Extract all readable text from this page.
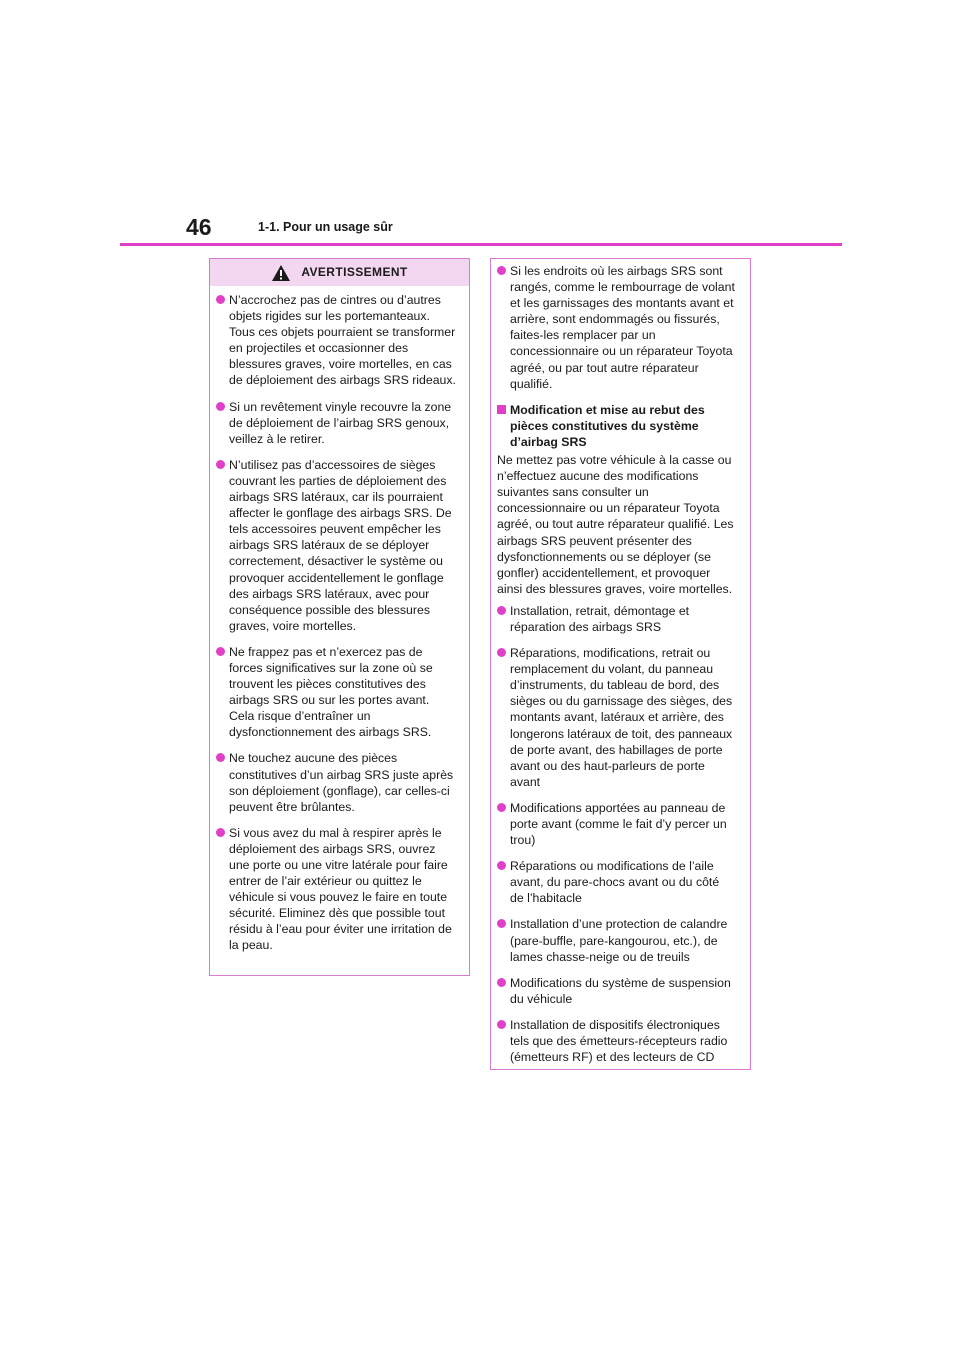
46	1-1. Pour un usage sûr
AVERTISSEMENT
N’accrochez pas de cintres ou d’autres objets rigides sur les portemanteaux. Tous ces objets pourraient se transformer en projectiles et occasionner des blessures graves, voire mortelles, en cas de déploiement des airbags SRS rideaux.
Si un revêtement vinyle recouvre la zone de déploiement de l’airbag SRS genoux, veillez à le retirer.
N’utilisez pas d’accessoires de sièges couvrant les parties de déploiement des airbags SRS latéraux, car ils pourraient affecter le gonflage des airbags SRS. De tels accessoires peuvent empêcher les airbags SRS latéraux de se déployer correctement, désactiver le système ou provoquer accidentellement le gonflage des airbags SRS latéraux, avec pour conséquence possible des blessures graves, voire mortelles.
Ne frappez pas et n’exercez pas de forces significatives sur la zone où se trouvent les pièces constitutives des airbags SRS ou sur les portes avant. Cela risque d’entraîner un dysfonctionnement des airbags SRS.
Ne touchez aucune des pièces constitutives d’un airbag SRS juste après son déploiement (gonflage), car celles-ci peuvent être brûlantes.
Si vous avez du mal à respirer après le déploiement des airbags SRS, ouvrez une porte ou une vitre latérale pour faire entrer de l’air extérieur ou quittez le véhicule si vous pouvez le faire en toute sécurité. Eliminez dès que possible tout résidu à l’eau pour éviter une irritation de la peau.
Si les endroits où les airbags SRS sont rangés, comme le rembourrage de volant et les garnissages des montants avant et arrière, sont endommagés ou fissurés, faites-les remplacer par un concessionnaire ou un réparateur Toyota agréé, ou par tout autre réparateur qualifié.
Modification et mise au rebut des pièces constitutives du système d’airbag SRS
Ne mettez pas votre véhicule à la casse ou n’effectuez aucune des modifications suivantes sans consulter un concessionnaire ou un réparateur Toyota agréé, ou tout autre réparateur qualifié. Les airbags SRS peuvent présenter des dysfonctionnements ou se déployer (se gonfler) accidentellement, et provoquer ainsi des blessures graves, voire mortelles.
Installation, retrait, démontage et réparation des airbags SRS
Réparations, modifications, retrait ou remplacement du volant, du panneau d’instruments, du tableau de bord, des sièges ou du garnissage des sièges, des montants avant, latéraux et arrière, des longerons latéraux de toit, des panneaux de porte avant, des habillages de porte avant ou des haut-parleurs de porte avant
Modifications apportées au panneau de porte avant (comme le fait d’y percer un trou)
Réparations ou modifications de l’aile avant, du pare-chocs avant ou du côté de l’habitacle
Installation d’une protection de calandre (pare-buffle, pare-kangourou, etc.), de lames chasse-neige ou de treuils
Modifications du système de suspension du véhicule
Installation de dispositifs électroniques tels que des émetteurs-récepteurs radio (émetteurs RF) et des lecteurs de CD
